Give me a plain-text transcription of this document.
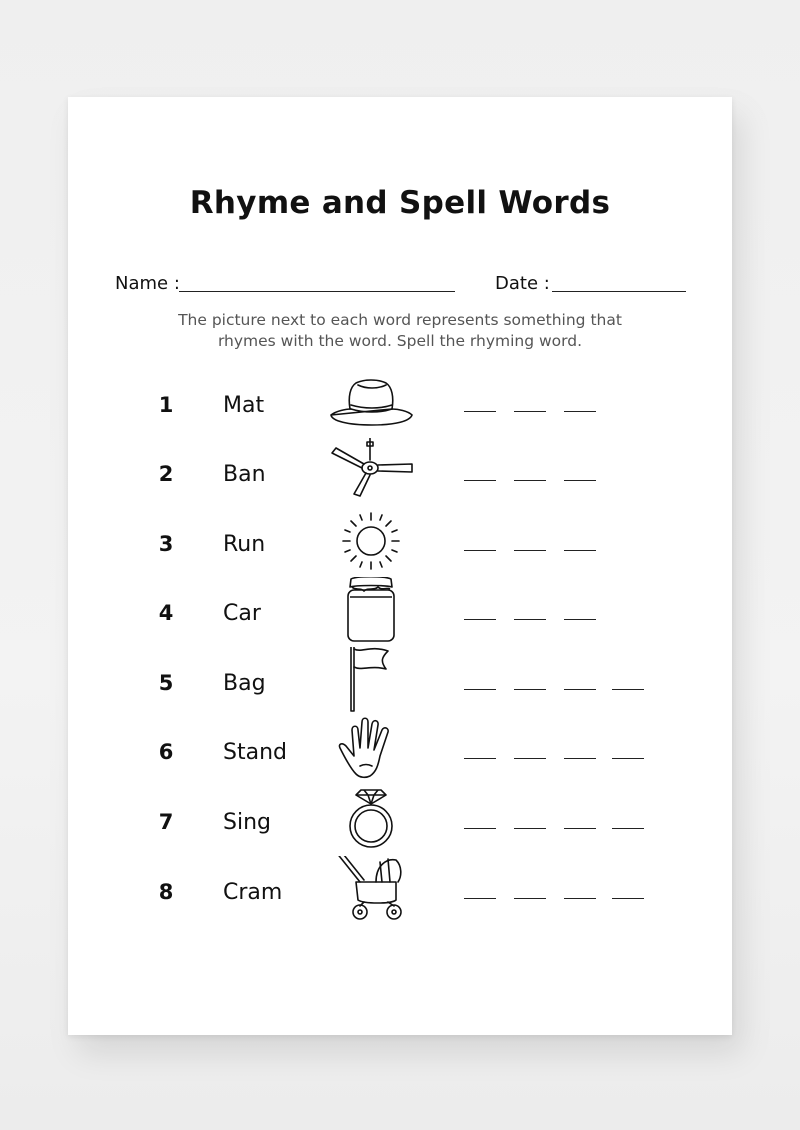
Rhyme and Spell Words
Name :	Date :
The picture next to each word represents something that rhymes with the word. Spell the rhyming word.
1 Mat
2 Ban
3 Run
4 Car
5 Bag
6 Stand
7 Sing
8 Cram
